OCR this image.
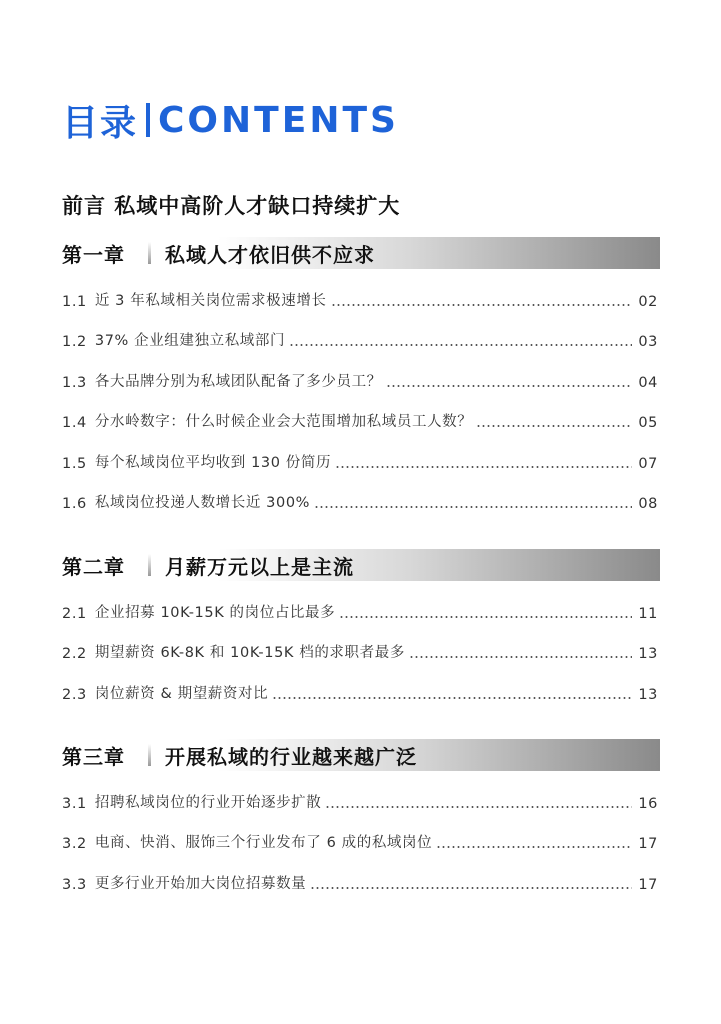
目录 CONTENTS
前言 私域中高阶人才缺口持续扩大
第一章	私域人才依旧供不应求
1.1 近 3 年私域相关岗位需求极速增长	02
1.2 37% 企业组建独立私域部门	03
1.3 各大品牌分别为私域团队配备了多少员工？	04
1.4 分水岭数字：什么时候企业会大范围增加私域员工人数？	05
1.5 每个私域岗位平均收到 130 份简历	07
1.6 私域岗位投递人数增长近 300%	08
第二章	月薪万元以上是主流
2.1 企业招募 10K-15K 的岗位占比最多	11
2.2 期望薪资 6K-8K 和 10K-15K 档的求职者最多	13
2.3 岗位薪资 & 期望薪资对比	13
第三章	开展私域的行业越来越广泛
3.1 招聘私域岗位的行业开始逐步扩散	16
3.2 电商、快消、服饰三个行业发布了 6 成的私域岗位	17
3.3 更多行业开始加大岗位招募数量	17
